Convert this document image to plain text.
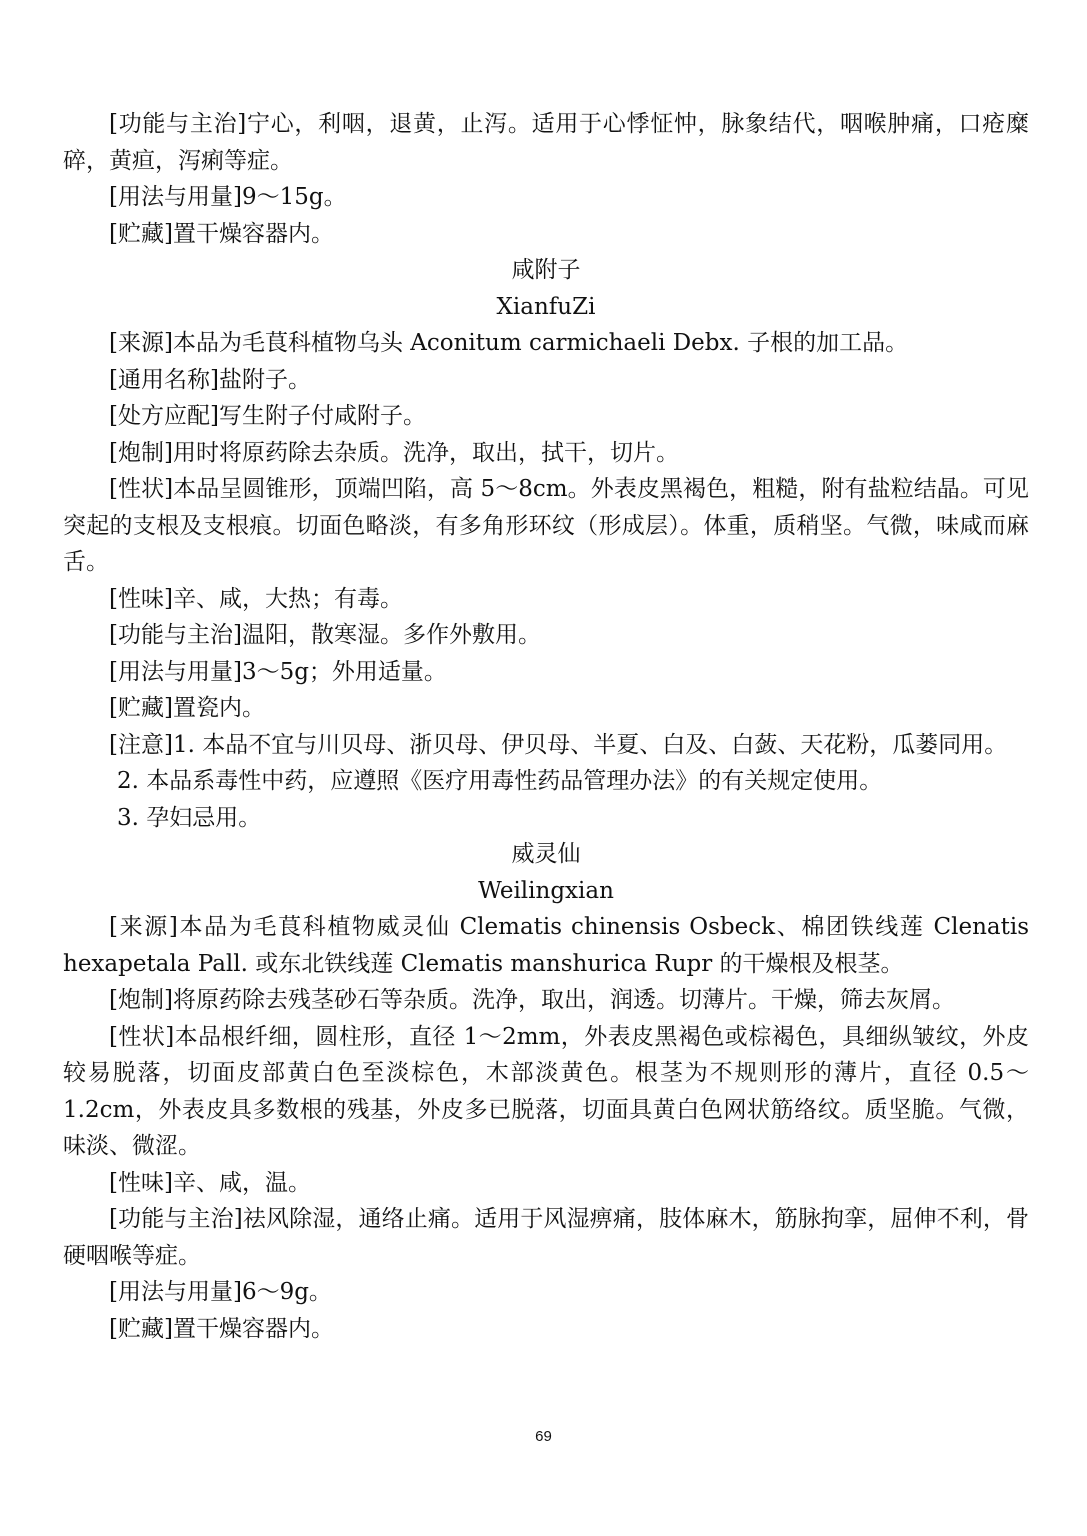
[功能与主治]宁心，利咽，退黄，止泻。适用于心悸怔忡，脉象结代，咽喉肿痛，口疮糜碎，黄疸，泻痢等症。

[用法与用量]9～15g。

[贮藏]置干燥容器内。

咸附子

XianfuZi

[来源]本品为毛茛科植物乌头 Aconitum carmichaeli Debx. 子根的加工品。

[通用名称]盐附子。

[处方应配]写生附子付咸附子。

[炮制]用时将原药除去杂质。洗净，取出，拭干，切片。

[性状]本品呈圆锥形，顶端凹陷，高 5～8cm。外表皮黑褐色，粗糙，附有盐粒结晶。可见突起的支根及支根痕。切面色略淡，有多角形环纹（形成层）。体重，质稍坚。气微，味咸而麻舌。

[性味]辛、咸，大热；有毒。

[功能与主治]温阳，散寒湿。多作外敷用。

[用法与用量]3～5g；外用适量。

[贮藏]置瓷内。

[注意]1. 本品不宜与川贝母、浙贝母、伊贝母、半夏、白及、白蔹、天花粉，瓜蒌同用。

2. 本品系毒性中药，应遵照《医疗用毒性药品管理办法》的有关规定使用。

3. 孕妇忌用。

威灵仙

Weilingxian

[来源]本品为毛茛科植物威灵仙 Clematis chinensis Osbeck、棉团铁线莲 Clenatis hexapetala Pall. 或东北铁线莲 Clematis manshurica Rupr 的干燥根及根茎。

[炮制]将原药除去残茎砂石等杂质。洗净，取出，润透。切薄片。干燥，筛去灰屑。

[性状]本品根纤细，圆柱形，直径 1～2mm，外表皮黑褐色或棕褐色，具细纵皱纹，外皮较易脱落，切面皮部黄白色至淡棕色，木部淡黄色。根茎为不规则形的薄片，直径 0.5～1.2cm，外表皮具多数根的残基，外皮多已脱落，切面具黄白色网状筋络纹。质坚脆。气微，味淡、微涩。

[性味]辛、咸，温。

[功能与主治]祛风除湿，通络止痛。适用于风湿痹痛，肢体麻木，筋脉拘挛，屈伸不利，骨硬咽喉等症。

[用法与用量]6～9g。

[贮藏]置干燥容器内。

69
